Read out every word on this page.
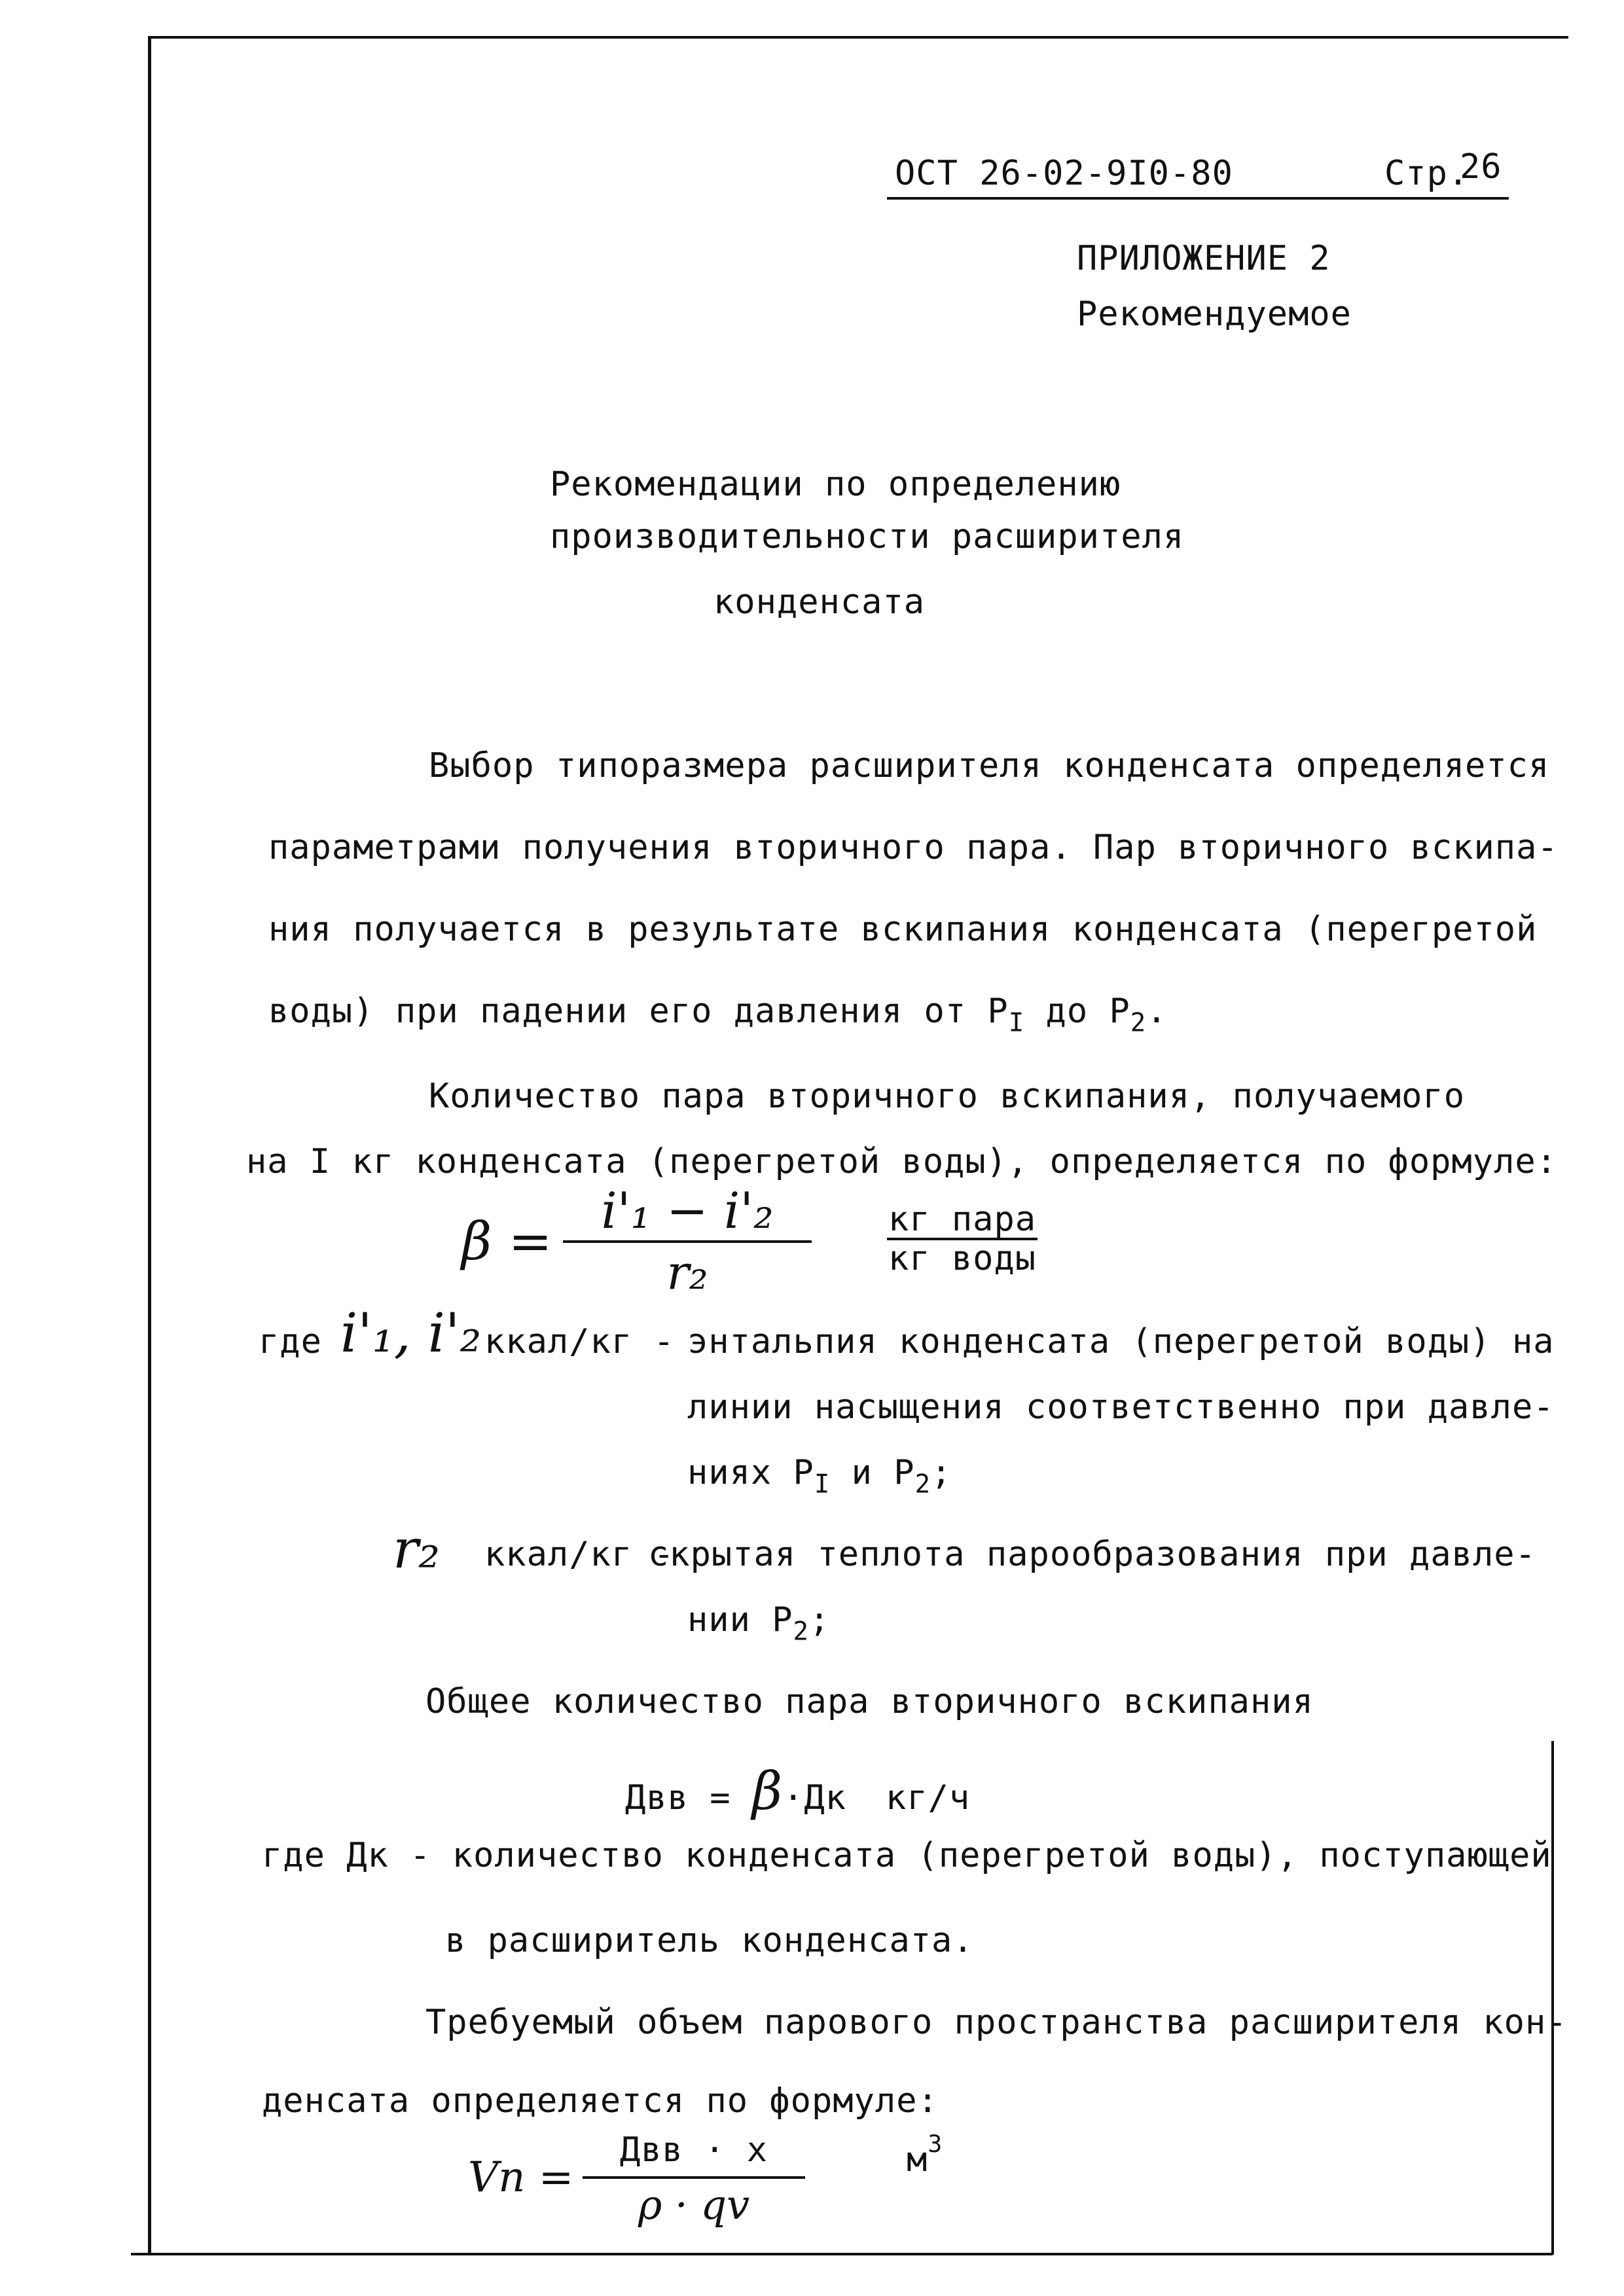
ОСТ 26-02-9I0-80	Стр.
26
ПРИЛОЖЕНИЕ 2
Рекомендуемое
Рекомендации по определению
производительности расширителя
конденсата
Выбор типоразмера расширителя конденсата определяется
параметрами получения вторичного пара. Пар вторичного вскипа-
ния получается в результате вскипания конденсата (перегретой
воды) при падении его давления от $P_I$ до $P_2$.
Количество пара вторичного вскипания, получаемого
на I кг конденсата (перегретой воды), определяется по формуле:
$\beta = \frac{\text{i'₁ − i'₂}}{\text{r₂}}$ кг пара
кг воды
где i'₁, i'₂ ккал/кг - энтальпия конденсата (перегретой воды) на
линии насыщения соответственно при давле-
ниях $P_I$ и $P_2$;
r₂ ккал/кг -
скрытая теплота парообразования при давле-
нии $P_2$;
Общее количество пара вторичного вскипания
Двв = β·Дк кг/ч
где Дк - количество конденсата (перегретой воды), поступающей
в расширитель конденсата.
Требуемый объем парового пространства расширителя кон-
денсата определяется по формуле:
Vп =
Двв · x
ρ · qv
$м^3$
